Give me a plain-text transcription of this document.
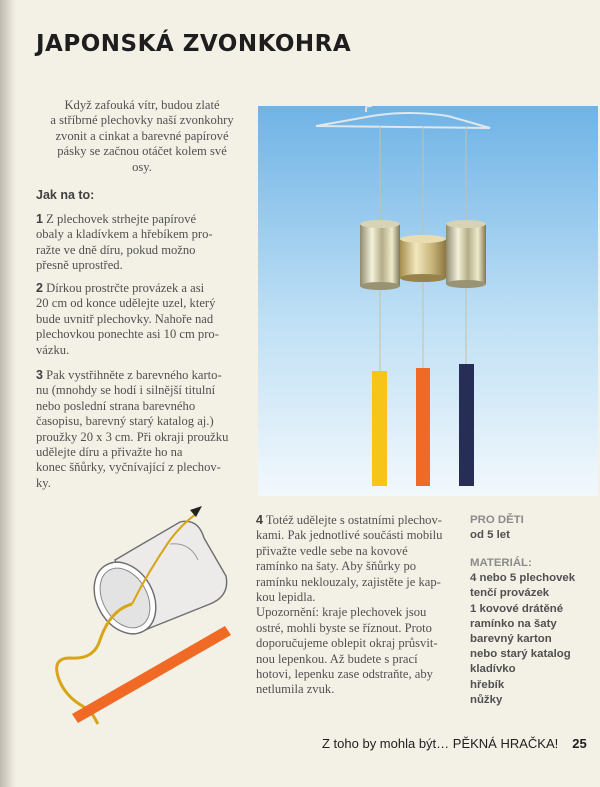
JAPONSKÁ ZVONKOHRA
Když zafouká vítr, budou zlaté
a stříbrné plechovky naší zvonkohry
zvonit a cinkat a barevné papírové
pásky se začnou otáčet kolem své
osy.
Jak na to:
1 Z plechovek strhejte papírové
obaly a kladívkem a hřebíkem pro-
ražte ve dně díru, pokud možno
přesně uprostřed.
2 Dírkou prostrčte provázek a asi
20 cm od konce udělejte uzel, který
bude uvnitř plechovky. Nahoře nad
plechovkou ponechte asi 10 cm pro-
vázku.
3 Pak vystřihněte z barevného karto-
nu (mnohdy se hodí i silnější titulní
nebo poslední strana barevného
časopisu, barevný starý katalog aj.)
proužky 20 x 3 cm. Při okraji proužku
udělejte díru a přivažte ho na
konec šňůrky, vyčnívající z plechov-
ky.
4 Totéž udělejte s ostatními plechov-
kami. Pak jednotlivé součásti mobilu
přivažte vedle sebe na kovové
ramínko na šaty. Aby šňůrky po
ramínku neklouzaly, zajistěte je kap-
kou lepidla.
Upozornění: kraje plechovek jsou
ostré, mohli byste se říznout. Proto
doporučujeme oblepit okraj průsvit-
nou lepenkou. Až budete s prací
hotovi, lepenku zase odstraňte, aby
netlumila zvuk.
PRO DĚTI
od 5 let
MATERIÁL:
4 nebo 5 plechovek
tenčí provázek
1 kovové drátěné
ramínko na šaty
barevný karton
nebo starý katalog
kladívko
hřebík
nůžky
Z toho by mohla být… PĚKNÁ HRAČKA! 25
